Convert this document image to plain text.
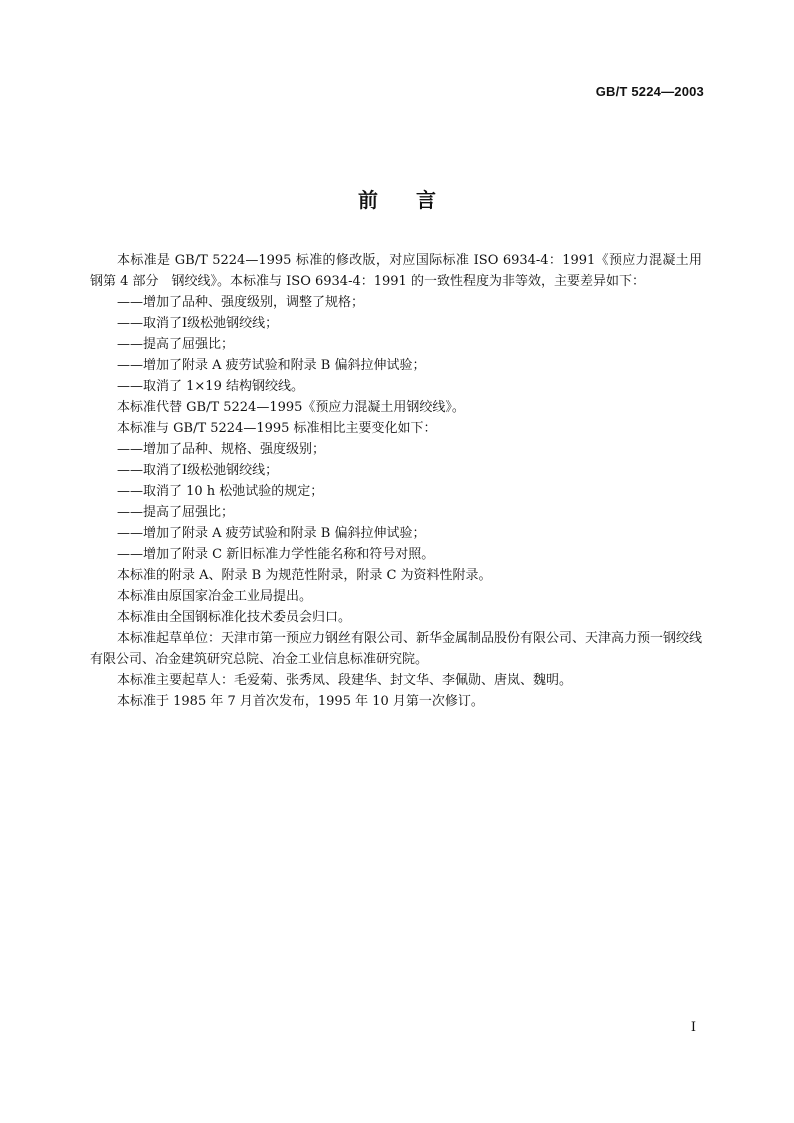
GB/T 5224—2003
前言

本标准是 GB/T 5224—1995 标准的修改版，对应国际标准 ISO 6934-4：1991《预应力混凝土用钢第 4 部分　钢绞线》。本标准与 ISO 6934-4：1991 的一致性程度为非等效，主要差异如下：

——增加了品种、强度级别，调整了规格；

——取消了Ⅰ级松弛钢绞线；

——提高了屈强比；

——增加了附录 A 疲劳试验和附录 B 偏斜拉伸试验；

——取消了 1×19 结构钢绞线。

本标准代替 GB/T 5224—1995《预应力混凝土用钢绞线》。

本标准与 GB/T 5224—1995 标准相比主要变化如下：

——增加了品种、规格、强度级别；

——取消了Ⅰ级松弛钢绞线；

——取消了 10 h 松弛试验的规定；

——提高了屈强比；

——增加了附录 A 疲劳试验和附录 B 偏斜拉伸试验；

——增加了附录 C 新旧标准力学性能名称和符号对照。

本标准的附录 A、附录 B 为规范性附录，附录 C 为资料性附录。

本标准由原国家冶金工业局提出。

本标准由全国钢标准化技术委员会归口。

本标准起草单位：天津市第一预应力钢丝有限公司、新华金属制品股份有限公司、天津高力预一钢绞线有限公司、冶金建筑研究总院、冶金工业信息标准研究院。

本标准主要起草人：毛爱菊、张秀凤、段建华、封文华、李佩勋、唐岚、魏明。

本标准于 1985 年 7 月首次发布，1995 年 10 月第一次修订。

I
